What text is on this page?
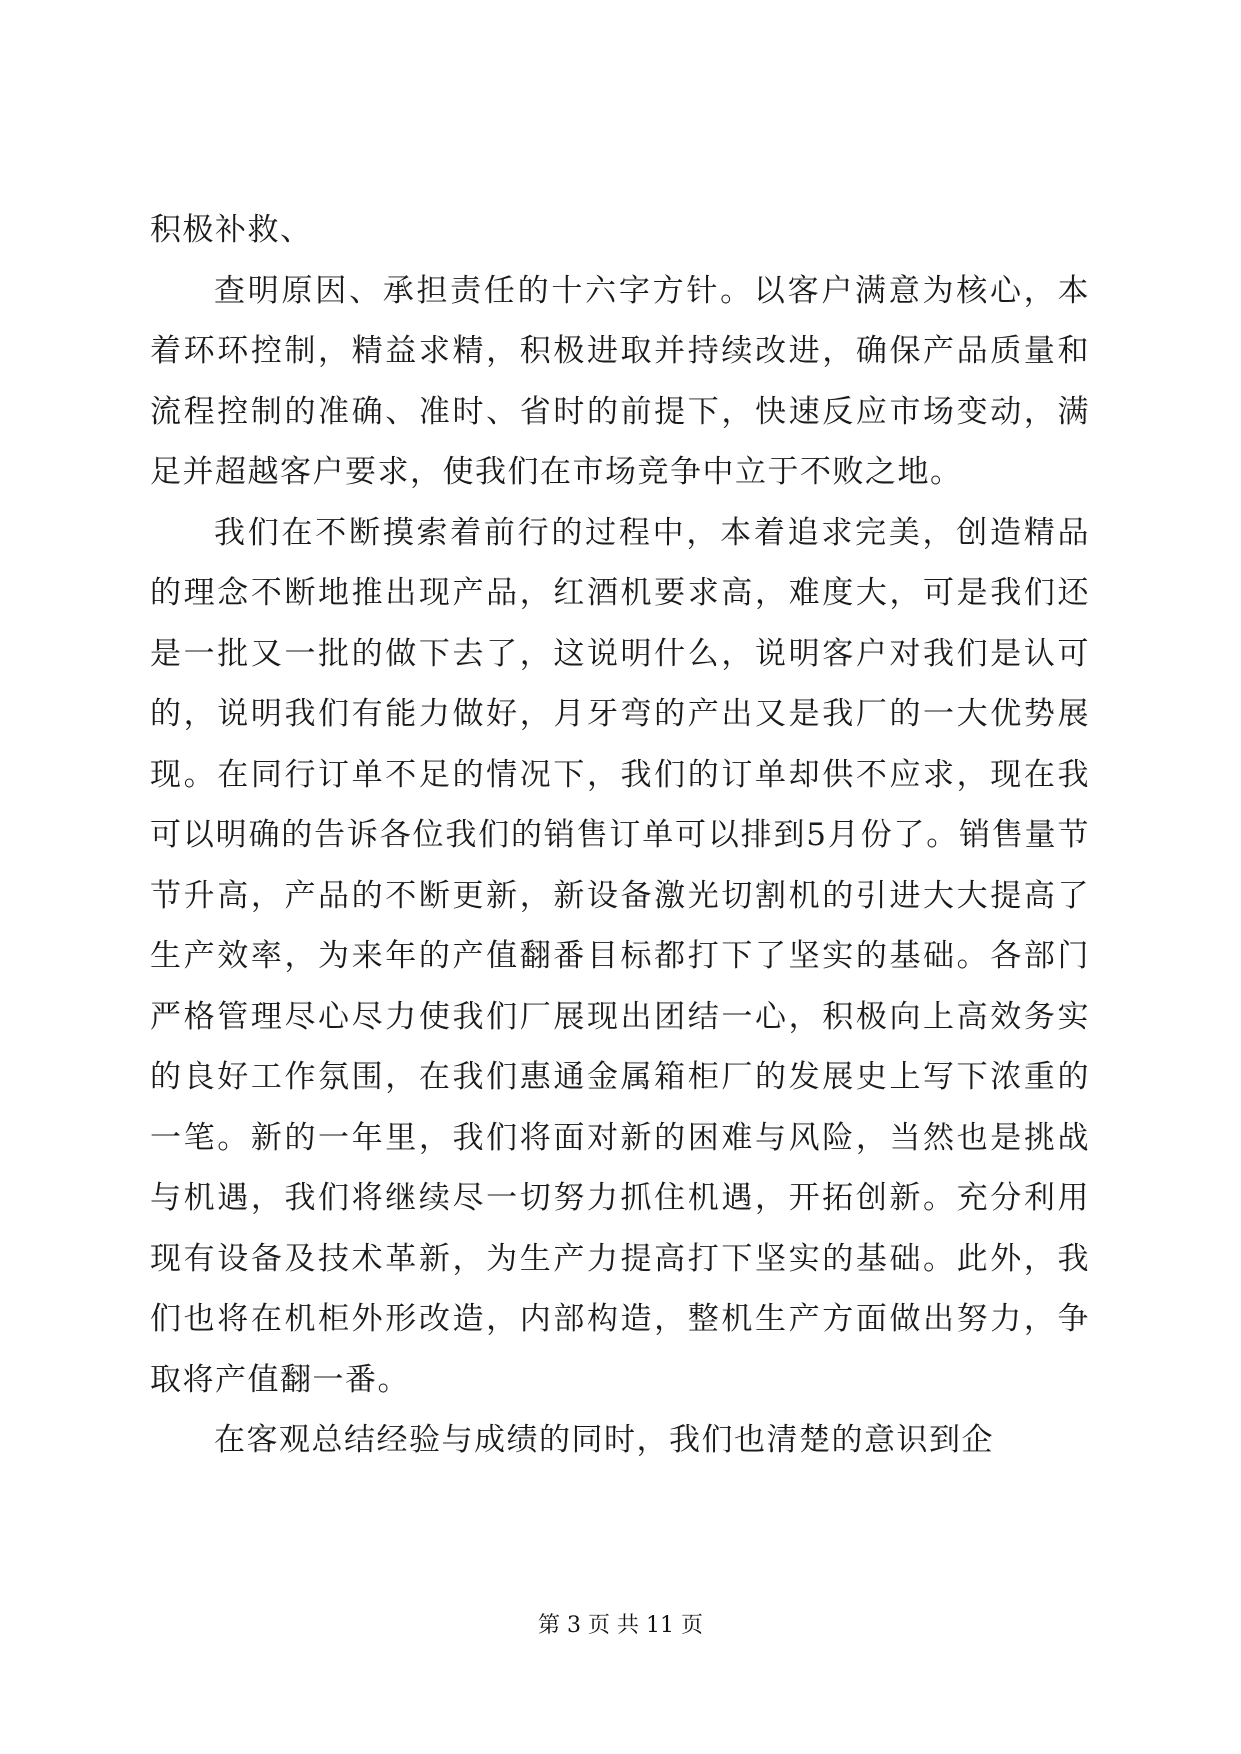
积极补救、

查明原因、承担责任的十六字方针。以客户满意为核心，本着环环控制，精益求精，积极进取并持续改进，确保产品质量和流程控制的准确、准时、省时的前提下，快速反应市场变动，满足并超越客户要求，使我们在市场竞争中立于不败之地。

我们在不断摸索着前行的过程中，本着追求完美，创造精品的理念不断地推出现产品，红酒机要求高，难度大，可是我们还是一批又一批的做下去了，这说明什么，说明客户对我们是认可的，说明我们有能力做好，月牙弯的产出又是我厂的一大优势展现。在同行订单不足的情况下，我们的订单却供不应求，现在我可以明确的告诉各位我们的销售订单可以排到5月份了。销售量节节升高，产品的不断更新，新设备激光切割机的引进大大提高了生产效率，为来年的产值翻番目标都打下了坚实的基础。各部门严格管理尽心尽力使我们厂展现出团结一心，积极向上高效务实的良好工作氛围，在我们惠通金属箱柜厂的发展史上写下浓重的一笔。新的一年里，我们将面对新的困难与风险，当然也是挑战与机遇，我们将继续尽一切努力抓住机遇，开拓创新。充分利用现有设备及技术革新，为生产力提高打下坚实的基础。此外，我们也将在机柜外形改造，内部构造，整机生产方面做出努力，争取将产值翻一番。

在客观总结经验与成绩的同时，我们也清楚的意识到企

第 3 页 共 11 页
